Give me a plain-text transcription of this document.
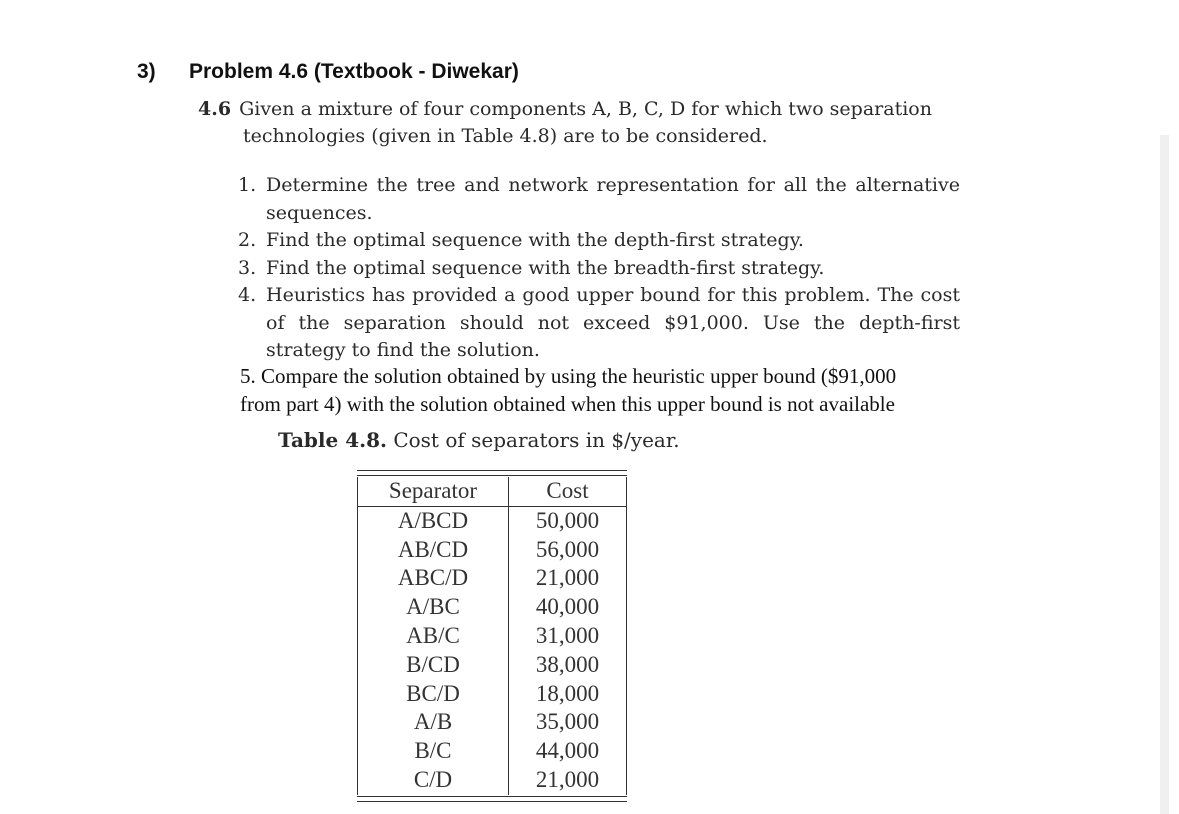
3) Problem 4.6 (Textbook - Diwekar)
4.6 Given a mixture of four components A, B, C, D for which two separation
technologies (given in Table 4.8) are to be considered.
1. Determine the tree and network representation for all the alternative sequences.
2. Find the optimal sequence with the depth-first strategy.
3. Find the optimal sequence with the breadth-first strategy.
4. Heuristics has provided a good upper bound for this problem. The cost of the separation should not exceed $91,000. Use the depth-first strategy to find the solution.
5. Compare the solution obtained by using the heuristic upper bound ($91,000
from part 4) with the solution obtained when this upper bound is not available
Table 4.8. Cost of separators in $/year.
Separator	Cost
A/BCD	50,000
AB/CD	56,000
ABC/D	21,000
A/BC	40,000
AB/C	31,000
B/CD	38,000
BC/D	18,000
A/B	35,000
B/C	44,000
C/D	21,000
